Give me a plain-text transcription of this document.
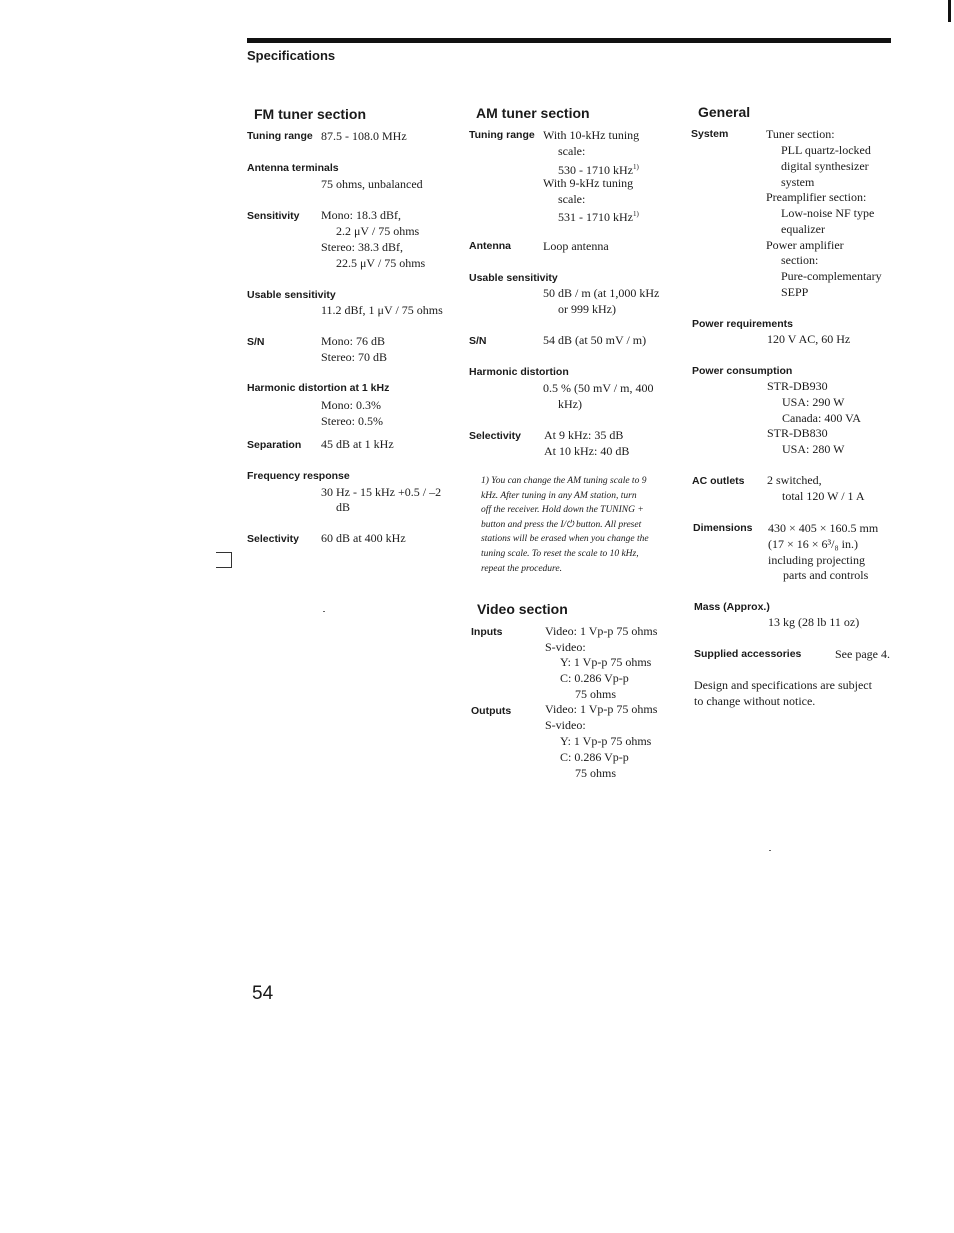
Specifications
FM tuner section
Tuning range 87.5 - 108.0 MHz
Antenna terminals
75 ohms, unbalanced
Sensitivity Mono: 18.3 dBf,
2.2 μV / 75 ohms
Stereo: 38.3 dBf,
22.5 μV / 75 ohms
Usable sensitivity
11.2 dBf, 1 μV / 75 ohms
S/N	Mono: 76 dB
Stereo: 70 dB
Harmonic distortion at 1 kHz
Mono: 0.3%
Stereo: 0.5%
Separation 45 dB at 1 kHz
Frequency response
30 Hz - 15 kHz +0.5 / –2
dB
Selectivity 60 dB at 400 kHz
AM tuner section
Tuning range With 10-kHz tuning
scale:
530 - 1710 kHz$^{1)}$
With 9-kHz tuning
scale:
531 - 1710 kHz$^{1)}$
Antenna	Loop antenna
Usable sensitivity
50 dB / m (at 1,000 kHz
or 999 kHz)
S/N	54 dB (at 50 mV / m)
Harmonic distortion
0.5 % (50 mV / m, 400
kHz)
Selectivity At 9 kHz: 35 dB
At 10 kHz: 40 dB
1) You can change the AM tuning scale to 9
kHz. After tuning in any AM station, turn
off the receiver. Hold down the TUNING +
button and press the I/⏻ button. All preset
stations will be erased when you change the
tuning scale. To reset the scale to 10 kHz,
repeat the procedure.
Video section
Inputs	Video: 1 Vp-p 75 ohms
S-video:
Y: 1 Vp-p 75 ohms
C: 0.286 Vp-p
75 ohms
Outputs	Video: 1 Vp-p 75 ohms
S-video:
Y: 1 Vp-p 75 ohms
C: 0.286 Vp-p
75 ohms
General
System	Tuner section:
PLL quartz-locked
digital synthesizer
system
Preamplifier section:
Low-noise NF type
equalizer
Power amplifier
section:
Pure-complementary
SEPP
Power requirements
120 V AC, 60 Hz
Power consumption
STR-DB930
USA: 290 W
Canada: 400 VA
STR-DB830
USA: 280 W
AC outlets 2 switched,
total 120 W / 1 A
Dimensions 430 × 405 × 160.5 mm
(17 × 16 × 6³/₈ in.)
including projecting
parts and controls
Mass (Approx.)
13 kg (28 lb 11 oz)
Supplied accessories	See page 4.
Design and specifications are subject
to change without notice.
54
